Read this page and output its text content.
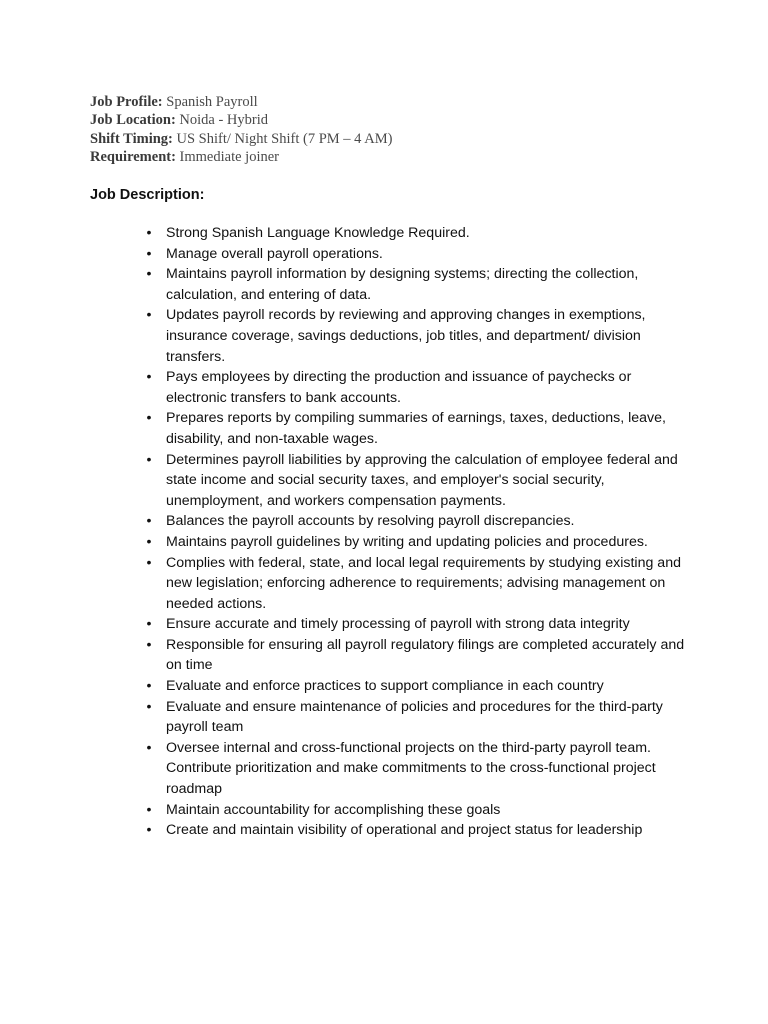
Job Profile: Spanish Payroll
Job Location: Noida - Hybrid
Shift Timing: US Shift/ Night Shift (7 PM – 4 AM)
Requirement: Immediate joiner
Job Description:
•	Strong Spanish Language Knowledge Required.
•	Manage overall payroll operations.
•	Maintains payroll information by designing systems; directing the collection, calculation, and entering of data.
•	Updates payroll records by reviewing and approving changes in exemptions, insurance coverage, savings deductions, job titles, and department/ division transfers.
•	Pays employees by directing the production and issuance of paychecks or electronic transfers to bank accounts.
•	Prepares reports by compiling summaries of earnings, taxes, deductions, leave, disability, and non-taxable wages.
•	Determines payroll liabilities by approving the calculation of employee federal and state income and social security taxes, and employer's social security, unemployment, and workers compensation payments.
•	Balances the payroll accounts by resolving payroll discrepancies.
•	Maintains payroll guidelines by writing and updating policies and procedures.
•	Complies with federal, state, and local legal requirements by studying existing and new legislation; enforcing adherence to requirements; advising management on needed actions.
•	Ensure accurate and timely processing of payroll with strong data integrity
•	Responsible for ensuring all payroll regulatory filings are completed accurately and on time
•	Evaluate and enforce practices to support compliance in each country
•	Evaluate and ensure maintenance of policies and procedures for the third-party payroll team
•	Oversee internal and cross-functional projects on the third-party payroll team. Contribute prioritization and make commitments to the cross-functional project roadmap
•	Maintain accountability for accomplishing these goals
•	Create and maintain visibility of operational and project status for leadership
